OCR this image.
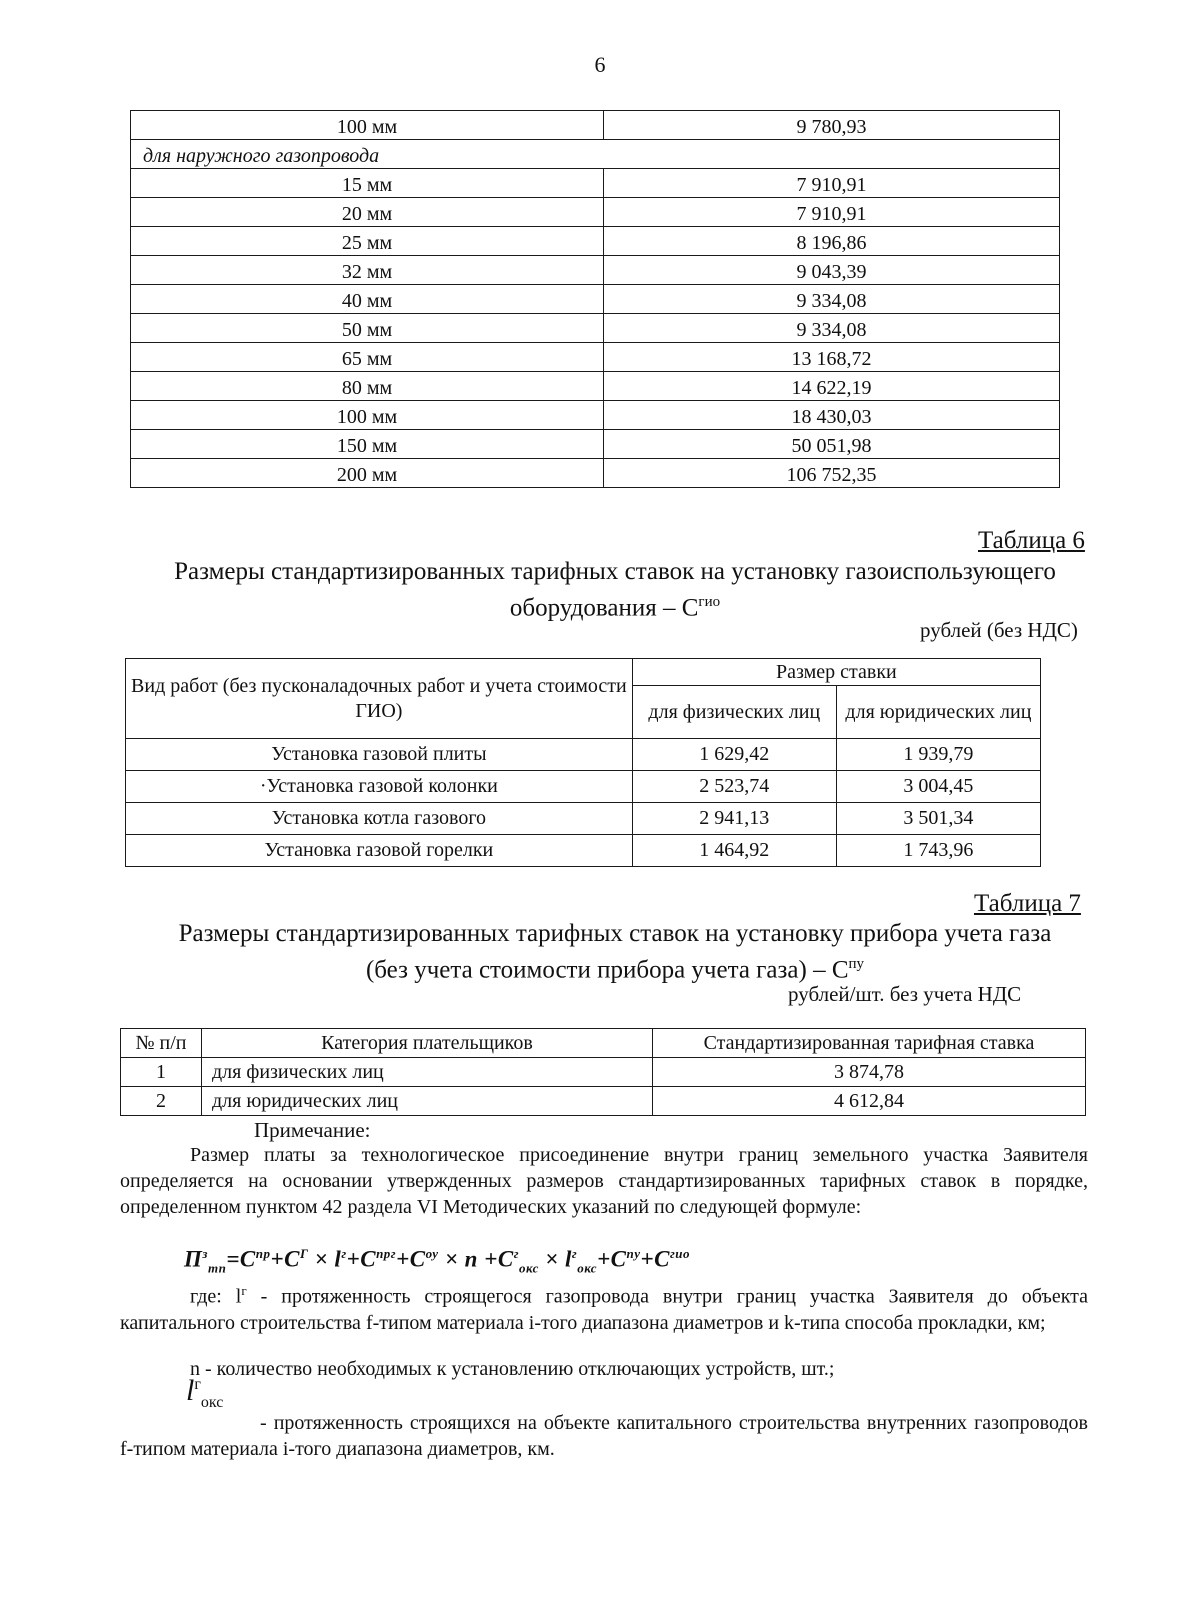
6
100 мм	9 780,93
для наружного газопровода	
15 мм	7 910,91
20 мм	7 910,91
25 мм	8 196,86
32 мм	9 043,39
40 мм	9 334,08
50 мм	9 334,08
65 мм	13 168,72
80 мм	14 622,19
100 мм	18 430,03
150 мм	50 051,98
200 мм	106 752,35
Таблица 6
Размеры стандартизированных тарифных ставок на установку газоиспользующего
оборудования – $С^{гио}$
рублей (без НДС)
Вид работ (без пусконаладочных работ и учета стоимости ГИО)	Размер ставки	
	для физических лиц	для юридических лиц
Установка газовой плиты	1 629,42	1 939,79
·Установка газовой колонки	2 523,74	3 004,45
Установка котла газового	2 941,13	3 501,34
Установка газовой горелки	1 464,92	1 743,96
Таблица 7
Размеры стандартизированных тарифных ставок на установку прибора учета газа
(без учета стоимости прибора учета газа) – $С^{пу}$
рублей/шт. без учета НДС
№ п/п	Категория плательщиков	Стандартизированная тарифная ставка
1	для физических лиц	3 874,78
2	для юридических лиц	4 612,84
Примечание:
Размер платы за технологическое присоединение внутри границ земельного участка Заявителя определяется на основании утвержденных размеров стандартизированных тарифных ставок в порядке, определенном пунктом 42 раздела VI Методических указаний по следующей формуле:
$П^з_{тп}=С^{пр}+С^Г \times l^г+С^{прг}+С^{оу} \times n +С^г_{окс} \times l^г_{окс}+С^{пу}+С^{гио}$
где: $l^г$ - протяженность строящегося газопровода внутри границ участка Заявителя до объекта капитального строительства f-типом материала i-того диапазона диаметров и k-типа способа прокладки, км;
n - количество необходимых к установлению отключающих устройств, шт.;
$l^г_{окс}$
- протяженность строящихся на объекте капитального строительства внутренних газопроводов f-типом материала i-того диапазона диаметров, км.
